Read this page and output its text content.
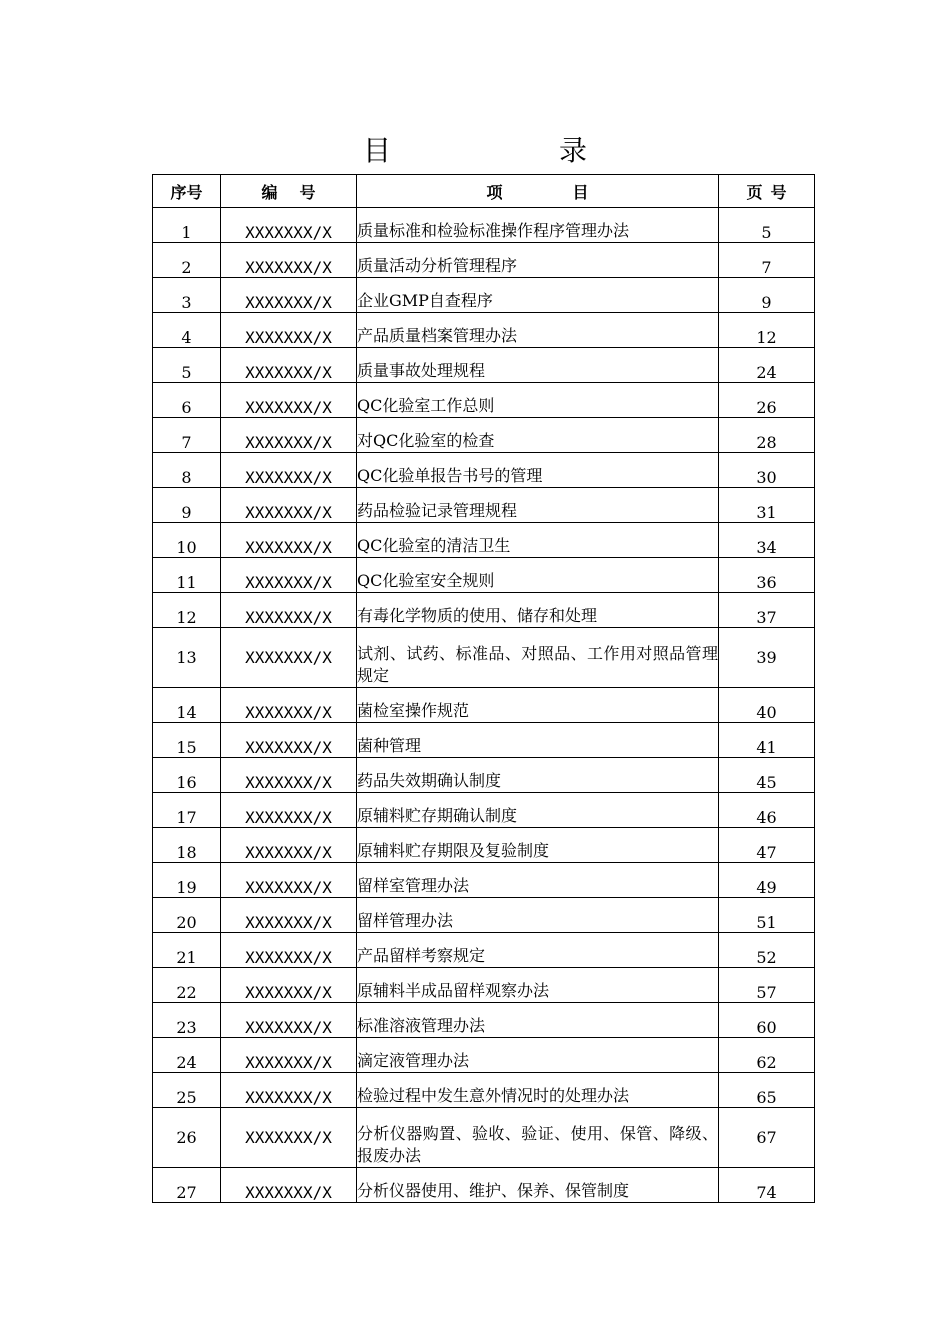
目　录
序号	编号	项目	页号
1	XXXXXXX/X	质量标准和检验标准操作程序管理办法	5
2	XXXXXXX/X	质量活动分析管理程序	7
3	XXXXXXX/X	企业GMP自查程序	9
4	XXXXXXX/X	产品质量档案管理办法	12
5	XXXXXXX/X	质量事故处理规程	24
6	XXXXXXX/X	QC化验室工作总则	26
7	XXXXXXX/X	对QC化验室的检查	28
8	XXXXXXX/X	QC化验单报告书号的管理	30
9	XXXXXXX/X	药品检验记录管理规程	31
10	XXXXXXX/X	QC化验室的清洁卫生	34
11	XXXXXXX/X	QC化验室安全规则	36
12	XXXXXXX/X	有毒化学物质的使用、储存和处理	37
13	XXXXXXX/X	试剂、试药、标准品、对照品、工作用对照品管理规定	39
14	XXXXXXX/X	菌检室操作规范	40
15	XXXXXXX/X	菌种管理	41
16	XXXXXXX/X	药品失效期确认制度	45
17	XXXXXXX/X	原辅料贮存期确认制度	46
18	XXXXXXX/X	原辅料贮存期限及复验制度	47
19	XXXXXXX/X	留样室管理办法	49
20	XXXXXXX/X	留样管理办法	51
21	XXXXXXX/X	产品留样考察规定	52
22	XXXXXXX/X	原辅料半成品留样观察办法	57
23	XXXXXXX/X	标准溶液管理办法	60
24	XXXXXXX/X	滴定液管理办法	62
25	XXXXXXX/X	检验过程中发生意外情况时的处理办法	65
26	XXXXXXX/X	分析仪器购置、验收、验证、使用、保管、降级、报废办法	67
27	XXXXXXX/X	分析仪器使用、维护、保养、保管制度	74
